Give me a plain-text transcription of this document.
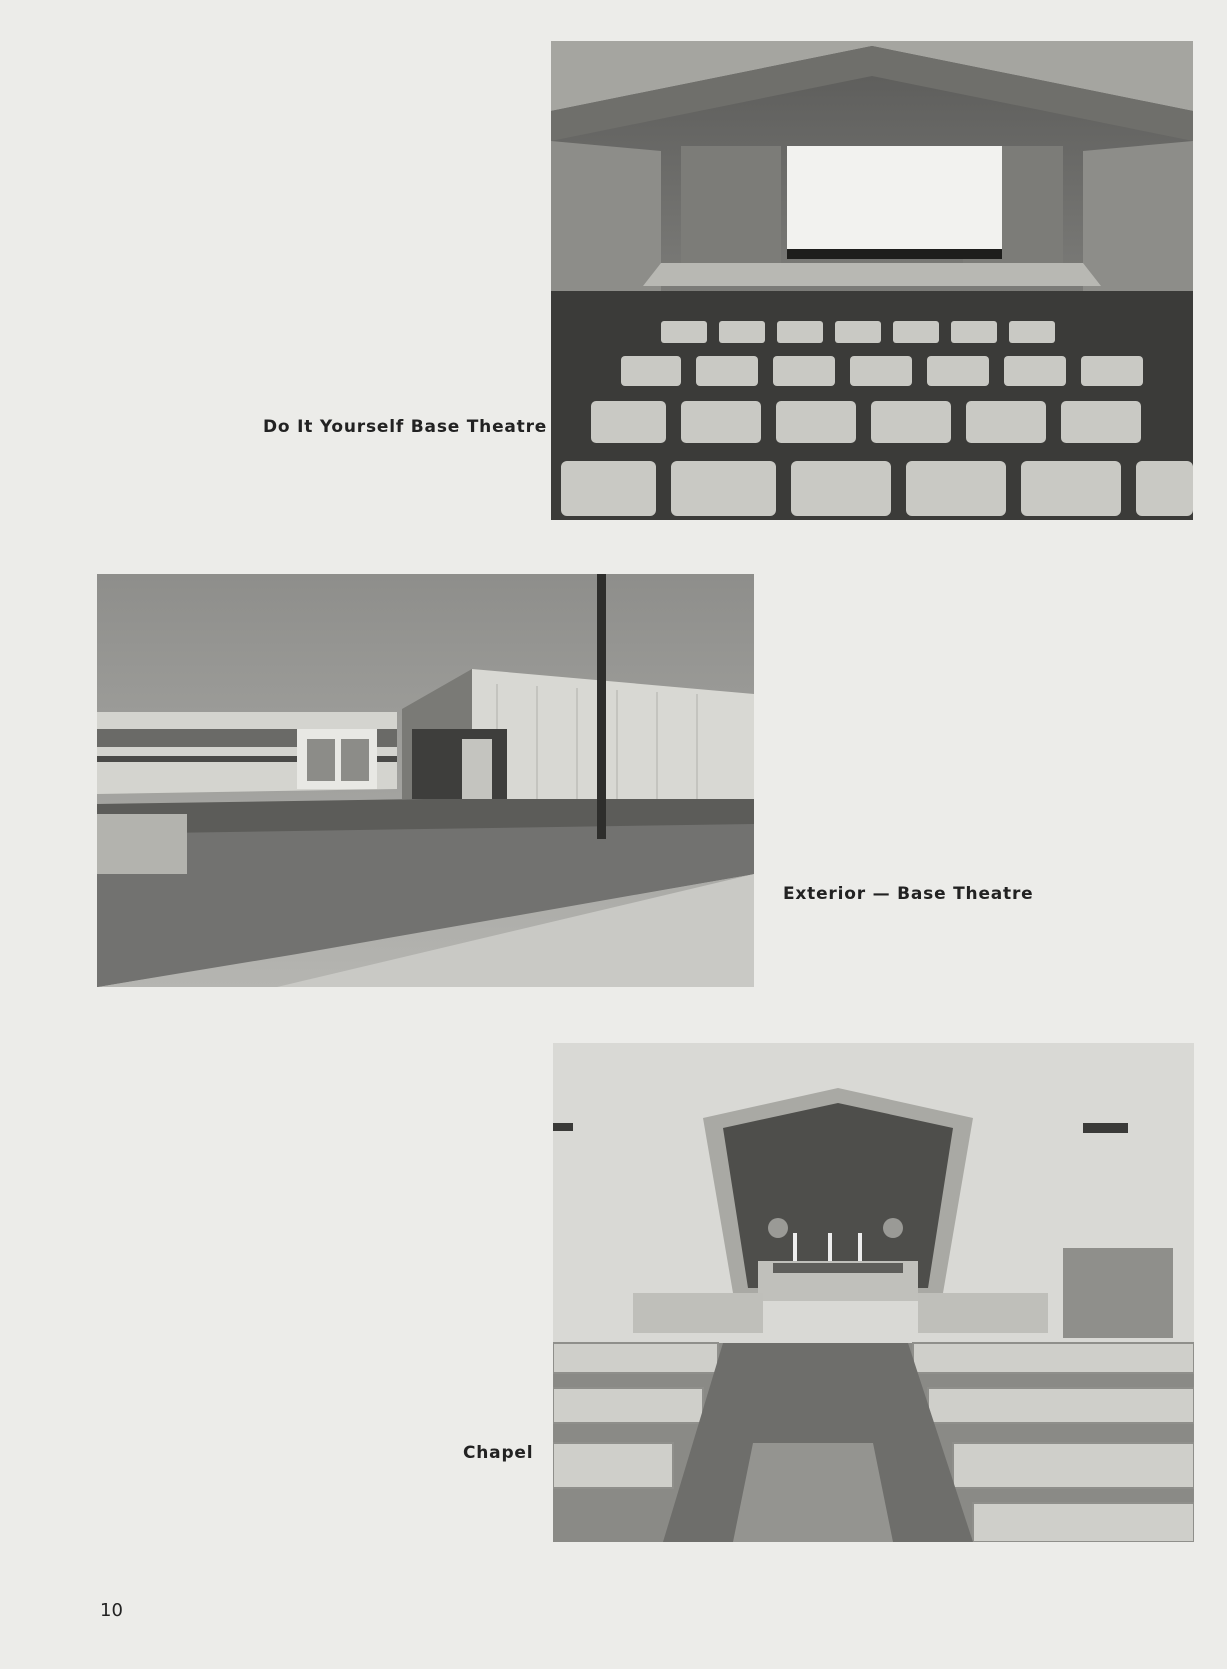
Do It Yourself Base Theatre
Exterior — Base Theatre
Chapel
10
